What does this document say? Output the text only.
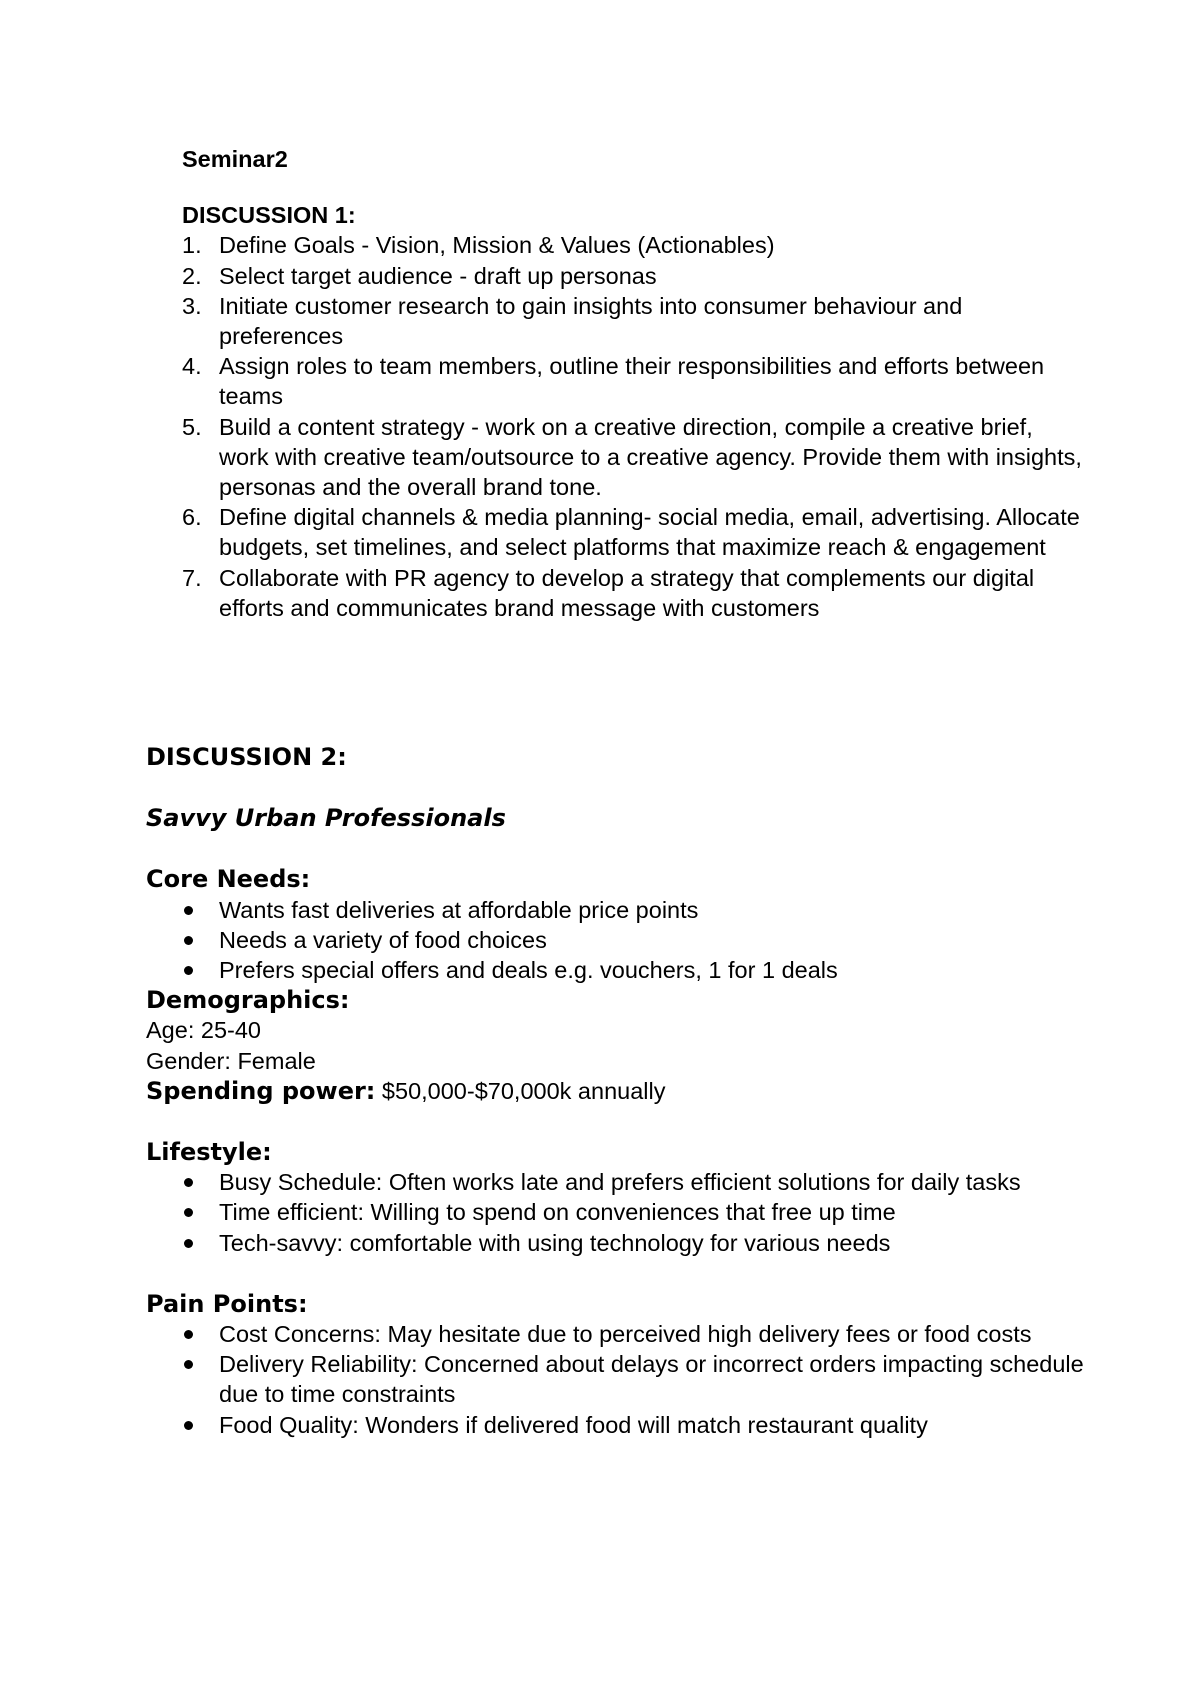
Seminar2

DISCUSSION 1:

1. Define Goals - Vision, Mission & Values (Actionables)
2. Select target audience - draft up personas
3. Initiate customer research to gain insights into consumer behaviour and preferences
4. Assign roles to team members, outline their responsibilities and efforts between teams
5. Build a content strategy - work on a creative direction, compile a creative brief, work with creative team/outsource to a creative agency. Provide them with insights, personas and the overall brand tone.
6. Define digital channels & media planning- social media, email, advertising. Allocate budgets, set timelines, and select platforms that maximize reach & engagement
7. Collaborate with PR agency to develop a strategy that complements our digital efforts and communicates brand message with customers

DISCUSSION 2:

Savvy Urban Professionals

Core Needs:

Wants fast deliveries at affordable price points
Needs a variety of food choices
Prefers special offers and deals e.g. vouchers, 1 for 1 deals

Demographics:

Age: 25-40

Gender: Female

Spending power: $50,000-$70,000k annually

Lifestyle:

Busy Schedule: Often works late and prefers efficient solutions for daily tasks
Time efficient: Willing to spend on conveniences that free up time
Tech-savvy: comfortable with using technology for various needs

Pain Points:

Cost Concerns: May hesitate due to perceived high delivery fees or food costs
Delivery Reliability: Concerned about delays or incorrect orders impacting schedule due to time constraints
Food Quality: Wonders if delivered food will match restaurant quality
